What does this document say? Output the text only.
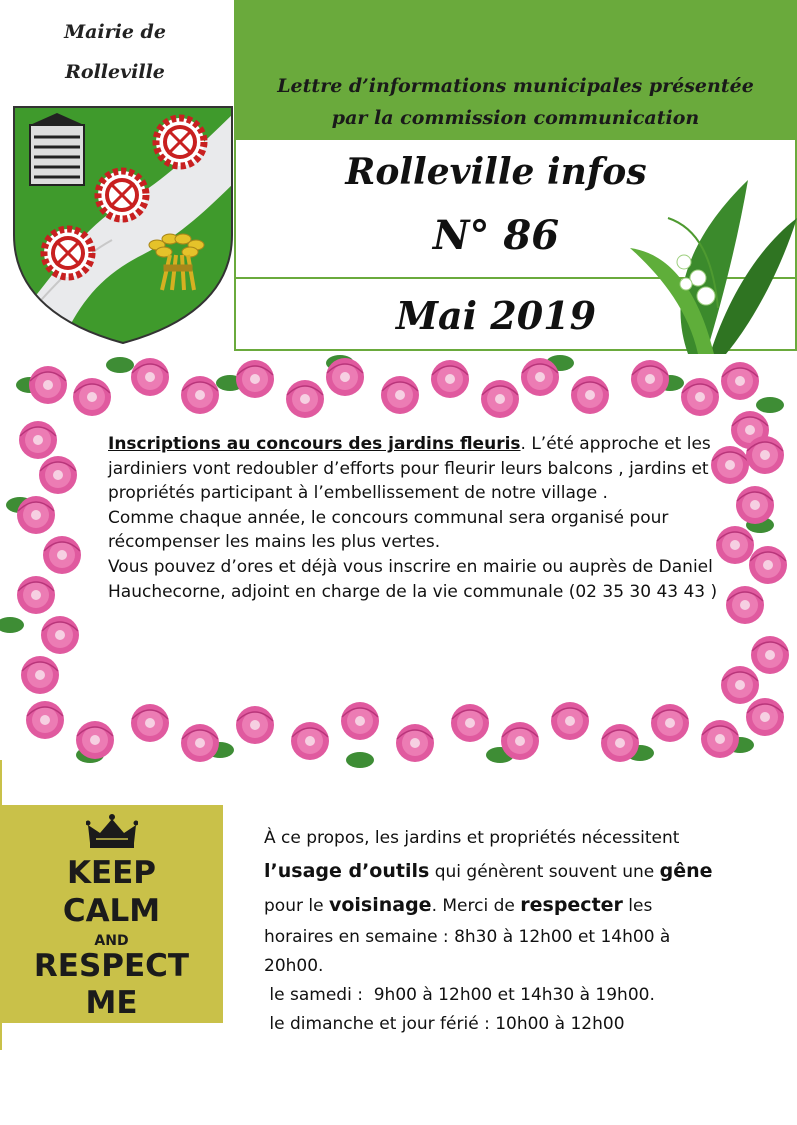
Mairie de
Rolleville
Lettre d’informations municipales présentée
par la commission communication
Rolleville infos
N° 86
Mai 2019

Inscriptions au concours des jardins fleuris. L’été approche et les jardiniers vont redoubler d’efforts pour fleurir leurs balcons , jardins et propriétés participant à l’embellissement de notre village .

Comme chaque année, le concours communal sera organisé pour récompenser les mains les plus vertes.

Vous pouvez d’ores et déjà vous inscrire en mairie ou auprès de Daniel Hauchecorne, adjoint en charge de la vie communale (02 35 30 43 43 )

KEEP
CALM
AND
RESPECT
ME

À ce propos, les jardins et propriétés nécessitent

l’usage d’outils qui génèrent souvent une gêne

pour le voisinage. Merci de respecter les

horaires en semaine : 8h30 à 12h00 et 14h00 à

20h00.

le samedi :  9h00 à 12h00 et 14h30 à 19h00.

le dimanche et jour férié : 10h00 à 12h00
